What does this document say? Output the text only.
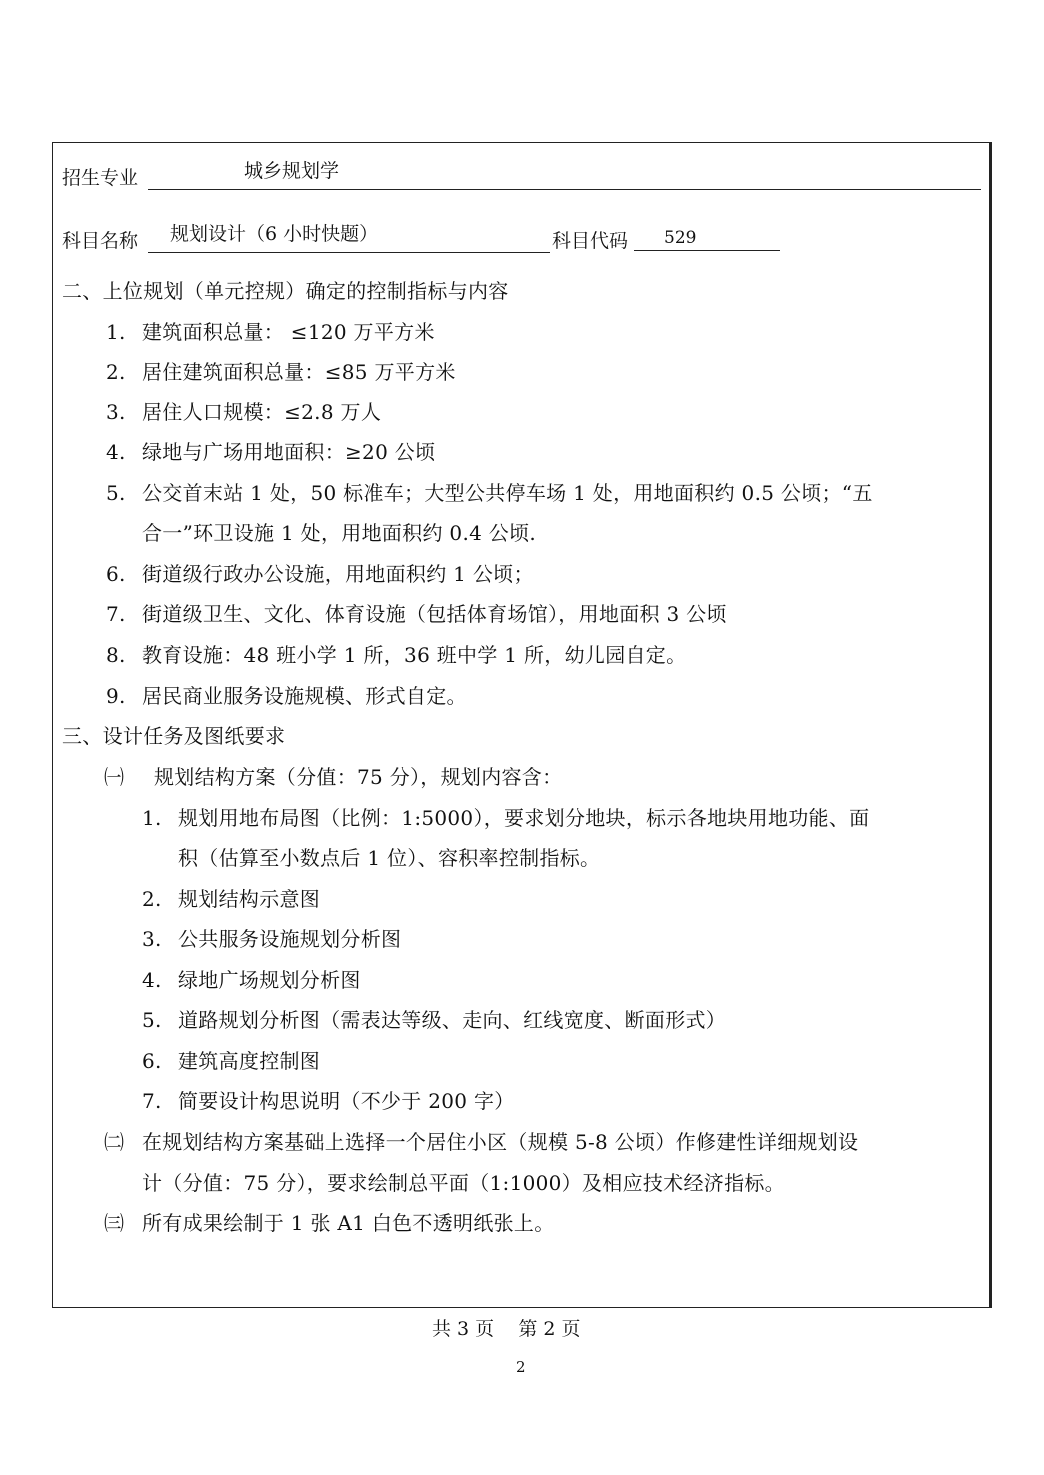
招生专业	城乡规划学
科目名称 规划设计（6 小时快题）	科目代码 529
二、上位规划（单元控规）确定的控制指标与内容
1. 建筑面积总量： ≤120 万平方米
2. 居住建筑面积总量：≤85 万平方米
3. 居住人口规模：≤2.8 万人
4. 绿地与广场用地面积：≥20 公顷
5. 公交首末站 1 处，50 标准车；大型公共停车场 1 处，用地面积约 0.5 公顷；“五
合一”环卫设施 1 处，用地面积约 0.4 公顷.
6. 街道级行政办公设施，用地面积约 1 公顷；
7. 街道级卫生、文化、体育设施（包括体育场馆），用地面积 3 公顷
8. 教育设施：48 班小学 1 所，36 班中学 1 所，幼儿园自定。
9. 居民商业服务设施规模、形式自定。
三、设计任务及图纸要求
㈠ 规划结构方案（分值：75 分），规划内容含：
1. 规划用地布局图（比例：1:5000），要求划分地块，标示各地块用地功能、面
积（估算至小数点后 1 位）、容积率控制指标。
2. 规划结构示意图
3. 公共服务设施规划分析图
4. 绿地广场规划分析图
5. 道路规划分析图（需表达等级、走向、红线宽度、断面形式）
6. 建筑高度控制图
7. 简要设计构思说明（不少于 200 字）
㈡ 在规划结构方案基础上选择一个居住小区（规模 5-8 公顷）作修建性详细规划设
计（分值：75 分），要求绘制总平面（1:1000）及相应技术经济指标。
㈢ 所有成果绘制于 1 张 A1 白色不透明纸张上。
共 3 页    第 2 页
2
